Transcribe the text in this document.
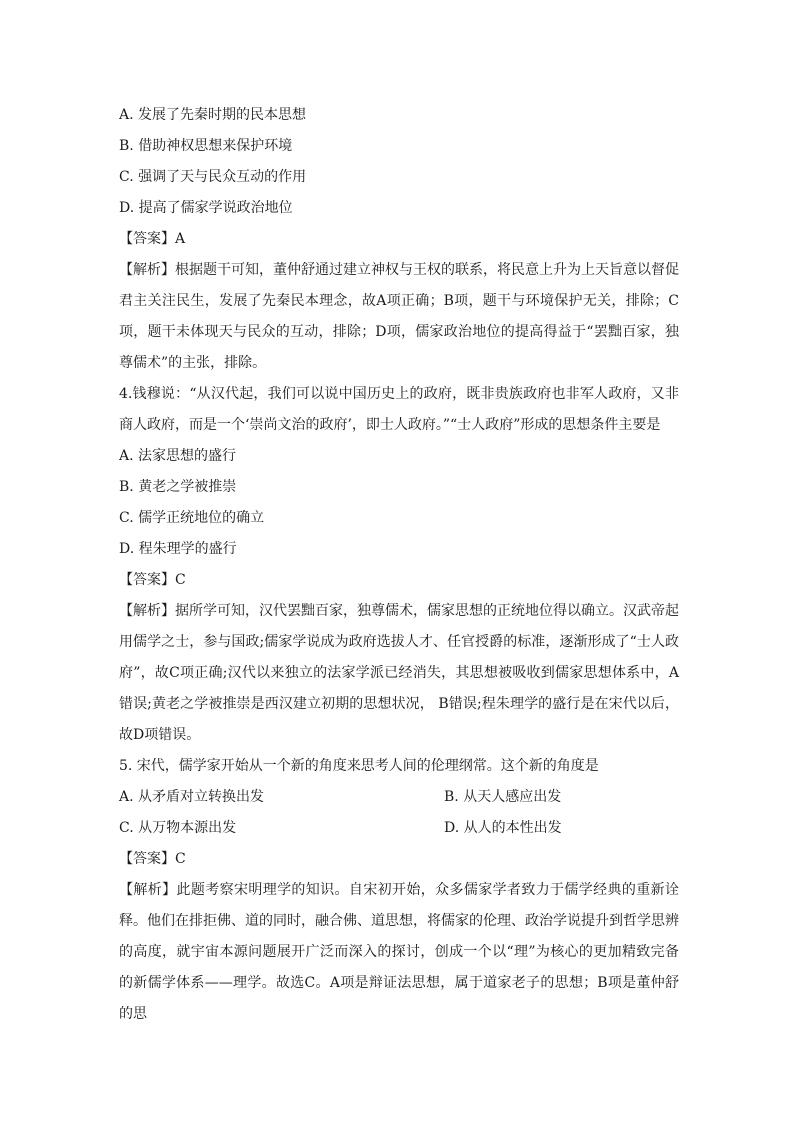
A. 发展了先秦时期的民本思想
B. 借助神权思想来保护环境
C. 强调了天与民众互动的作用
D. 提高了儒家学说政治地位
【答案】A
【解析】根据题干可知，董仲舒通过建立神权与王权的联系，将民意上升为上天旨意以督促君主关注民生，发展了先秦民本理念，故A项正确；B项，题干与环境保护无关，排除；C项，题干未体现天与民众的互动，排除；D项，儒家政治地位的提高得益于“罢黜百家，独尊儒术”的主张，排除。
4.钱穆说：“从汉代起，我们可以说中国历史上的政府，既非贵族政府也非军人政府，又非商人政府，而是一个‘崇尚文治的政府’，即士人政府。”“士人政府”形成的思想条件主要是
A. 法家思想的盛行
B. 黄老之学被推崇
C. 儒学正统地位的确立
D. 程朱理学的盛行
【答案】C
【解析】据所学可知，汉代罢黜百家，独尊儒术，儒家思想的正统地位得以确立。汉武帝起用儒学之士，参与国政;儒家学说成为政府选拔人才、任官授爵的标准，逐渐形成了“士人政府”，故C项正确;汉代以来独立的法家学派已经消失，其思想被吸收到儒家思想体系中，A错误;黄老之学被推崇是西汉建立初期的思想状况， B错误;程朱理学的盛行是在宋代以后，故D项错误。
5. 宋代，儒学家开始从一个新的角度来思考人间的伦理纲常。这个新的角度是
A. 从矛盾对立转换出发	B. 从天人感应出发
C. 从万物本源出发	D. 从人的本性出发
【答案】C
【解析】此题考察宋明理学的知识。自宋初开始，众多儒家学者致力于儒学经典的重新诠释。他们在排拒佛、道的同时，融合佛、道思想，将儒家的伦理、政治学说提升到哲学思辨的高度，就宇宙本源问题展开广泛而深入的探讨，创成一个以“理”为核心的更加精致完备的新儒学体系——理学。故选C。A项是辩证法思想，属于道家老子的思想；B项是董仲舒的思
